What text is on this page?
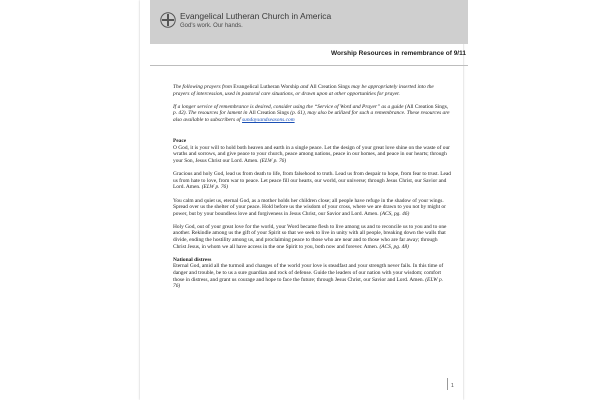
Evangelical Lutheran Church in America
God's work. Our hands.
Worship Resources in remembrance of 9/11

The following prayers from Evangelical Lutheran Worship and All Creation Sings may be appropriately inserted into the prayers of intercession, used in pastoral care situations, or drawn upon at other opportunities for prayer.

If a longer service of remembrance is desired, consider using the “Service of Word and Prayer” as a guide (All Creation Sings, p. 42). The resources for lament in All Creation Sings (p. 61), may also be utilized for such a remembrance. These resources are also available to subscribers of sundaysandseasons.com

Peace

O God, it is your will to hold both heaven and earth in a single peace. Let the design of your great love shine on the waste of our wraths and sorrows, and give peace to your church, peace among nations, peace in our homes, and peace in our hearts; through your Son, Jesus Christ our Lord. Amen. (ELW p. 76)

Gracious and holy God, lead us from death to life, from falsehood to truth. Lead us from despair to hope, from fear to trust. Lead us from hate to love, from war to peace. Let peace fill our hearts, our world, our universe; through Jesus Christ, our Savior and Lord. Amen. (ELW p. 76)

You calm and quiet us, eternal God, as a mother holds her children close; all people have refuge in the shadow of your wings. Spread over us the shelter of your peace. Hold before us the wisdom of your cross, where we are drawn to you not by might or power, but by your boundless love and forgiveness in Jesus Christ, our Savior and Lord. Amen. (ACS, pg. 46)

Holy God, out of your great love for the world, your Word became flesh to live among us and to reconcile us to you and to one another. Rekindle among us the gift of your Spirit so that we seek to live in unity with all people, breaking down the walls that divide, ending the hostility among us, and proclaiming peace to those who are near and to those who are far away; through Christ Jesus, in whom we all have access in the one Spirit to you, both now and forever. Amen. (ACS, pg. 48)

National distress

Eternal God, amid all the turmoil and changes of the world your love is steadfast and your strength never fails. In this time of danger and trouble, be to us a sure guardian and rock of defense. Guide the leaders of our nation with your wisdom; comfort those in distress, and grant us courage and hope to face the future; through Jesus Christ, our Savior and Lord. Amen. (ELW p. 76)

1
